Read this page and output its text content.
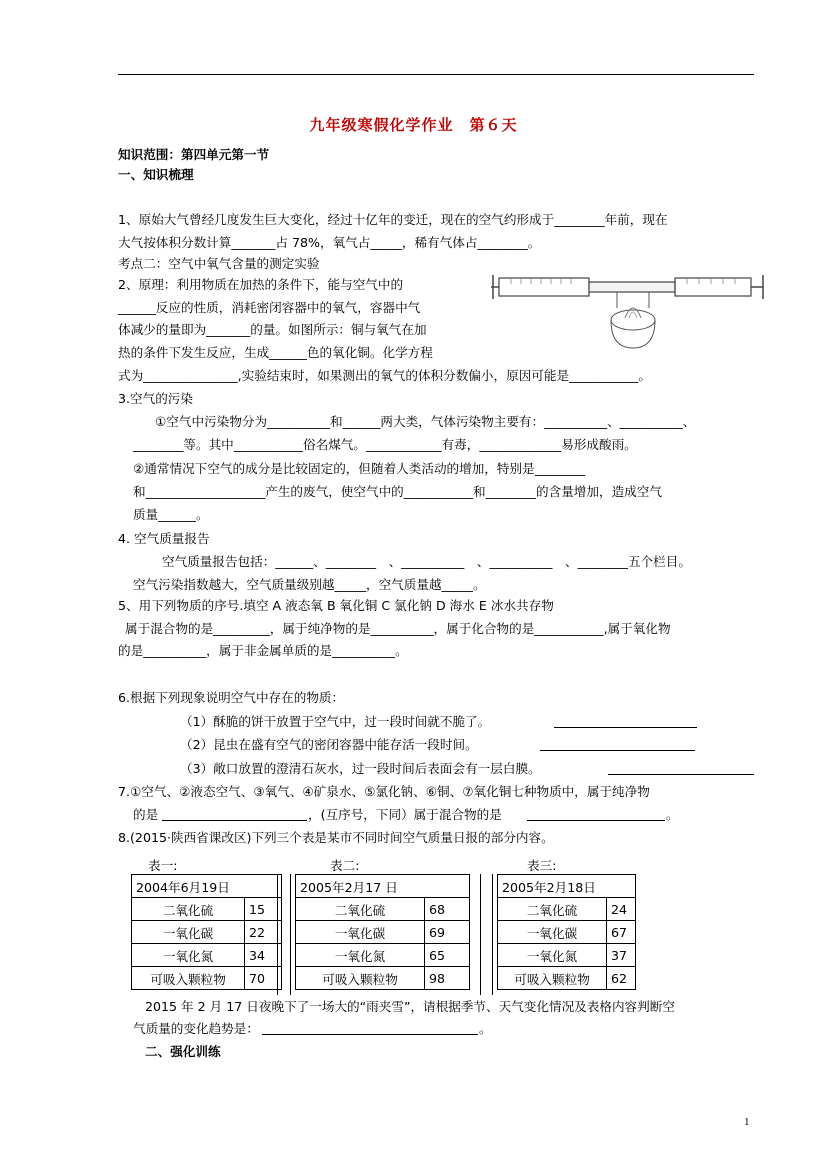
九年级寒假化学作业　第６天
知识范围：第四单元第一节
一、知识梳理
1、原始大气曾经几度发生巨大变化，经过十亿年的变迁，现在的空气约形成于________年前，现在
大气按体积分数计算_______占 78%，氧气占_____，稀有气体占________。
考点二：空气中氧气含量的测定实验
2、原理：利用物质在加热的条件下，能与空气中的
______反应的性质，消耗密闭容器中的氧气，容器中气
体减少的量即为_______的量。如图所示：铜与氧气在加
热的条件下发生反应，生成______色的氧化铜。化学方程
式为_______________,实验结束时，如果测出的氧气的体积分数偏小，原因可能是___________。
3.空气的污染
①空气中污染物分为__________和______两大类，气体污染物主要有：__________、__________、
________等。其中___________俗名煤气。____________有毒，_____________易形成酸雨。
②通常情况下空气的成分是比较固定的，但随着人类活动的增加，特别是________
和___________________产生的废气，使空气中的___________和________的含量增加，造成空气
质量______。
4. 空气质量报告
空气质量报告包括：______、________　、__________　、__________　、________五个栏目。
空气污染指数越大，空气质量级别越_____，空气质量越_____。
5、用下列物质的序号.填空 A 液态氧 B 氧化铜 C 氯化钠 D 海水 E 冰水共存物
属于混合物的是_________，属于纯净物的是__________，属于化合物的是___________,属于氧化物
的是__________，属于非金属单质的是__________。
6.根据下列现象说明空气中存在的物质：
（1）酥脆的饼干放置于空气中，过一段时间就不脆了。
（2）昆虫在盛有空气的密闭容器中能存活一段时间。
（3）敞口放置的澄清石灰水，过一段时间后表面会有一层白膜。
7.①空气、②液态空气、③氧气、④矿泉水、⑤氯化钠、⑥铜、⑦氧化铜七种物质中，属于纯净物
的是	，(互序号，下同）属于混合物的是	。
8.(2015·陕西省课改区)下列三个表是某市不同时间空气质量日报的部分内容。
表一:	表二:	表三:
2004年6月19日	
二氧化硫	15
一氧化碳	22
一氧化氮	34
可吸入颗粒物	70
2005年2月17 日	
二氧化硫	68
一氧化碳	69
一氧化氮	65
可吸入颗粒物	98
2005年2月18日	
二氧化硫	24
一氧化碳	67
一氧化氮	37
可吸入颗粒物	62
2015 年 2 月 17 日夜晚下了一场大的“雨夹雪”，请根据季节、天气变化情况及表格内容判断空
气质量的变化趋势是：	。
二、强化训练
1
